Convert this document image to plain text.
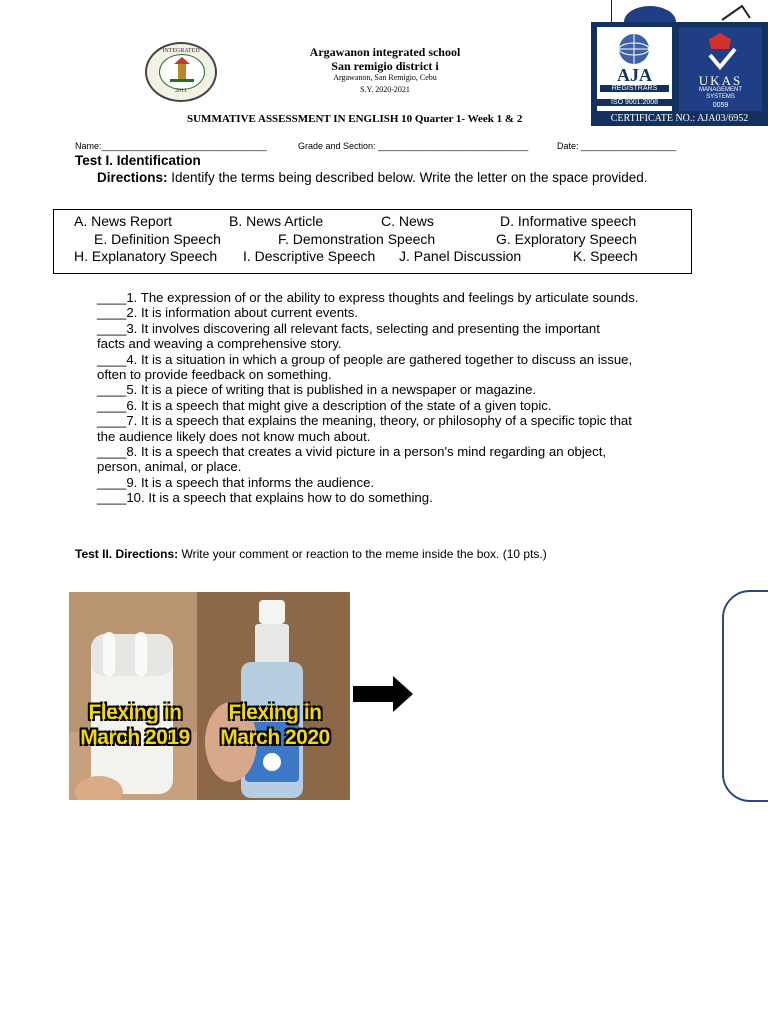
INTEGRATED
2011
Argawanon integrated school
San remigio district i
Argawanon, San Remigio, Cebu
S.Y. 2020-2021
SUMMATIVE ASSESSMENT IN ENGLISH 10 Quarter 1- Week 1 & 2
AJA
REGISTRARS
ISO 9001:2008
UKAS
MANAGEMENT SYSTEMS
0059
CERTIFICATE NO.: AJA03/6952
Name:_________________________________	Grade and Section: ______________________________	Date: ___________________
Test I. Identification
Directions: Identify the terms being described below. Write the letter on the space provided.
A. News Report	B. News Article	C. News	D. Informative speech
E. Definition Speech	F. Demonstration Speech	G. Exploratory Speech
H. Explanatory Speech I. Descriptive Speech J. Panel Discussion	K. Speech
____1. The expression of or the ability to express thoughts and feelings by articulate sounds.
____2. It is information about current events.
____3. It involves discovering all relevant facts, selecting and presenting the important
facts and weaving a comprehensive story.
____4. It is a situation in which a group of people are gathered together to discuss an issue,
often to provide feedback on something.
____5. It is a piece of writing that is published in a newspaper or magazine.
____6. It is a speech that might give a description of the state of a given topic.
____7. It is a speech that explains the meaning, theory, or philosophy of a specific topic that
the audience likely does not know much about.
____8. It is a speech that creates a vivid picture in a person's mind regarding an object,
person, animal, or place.
____9. It is a speech that informs the audience.
____10. It is a speech that explains how to do something.
Test II. Directions: Write your comment or reaction to the meme inside the box. (10 pts.)
Flexing in
March 2019
Flexing in
March 2020
